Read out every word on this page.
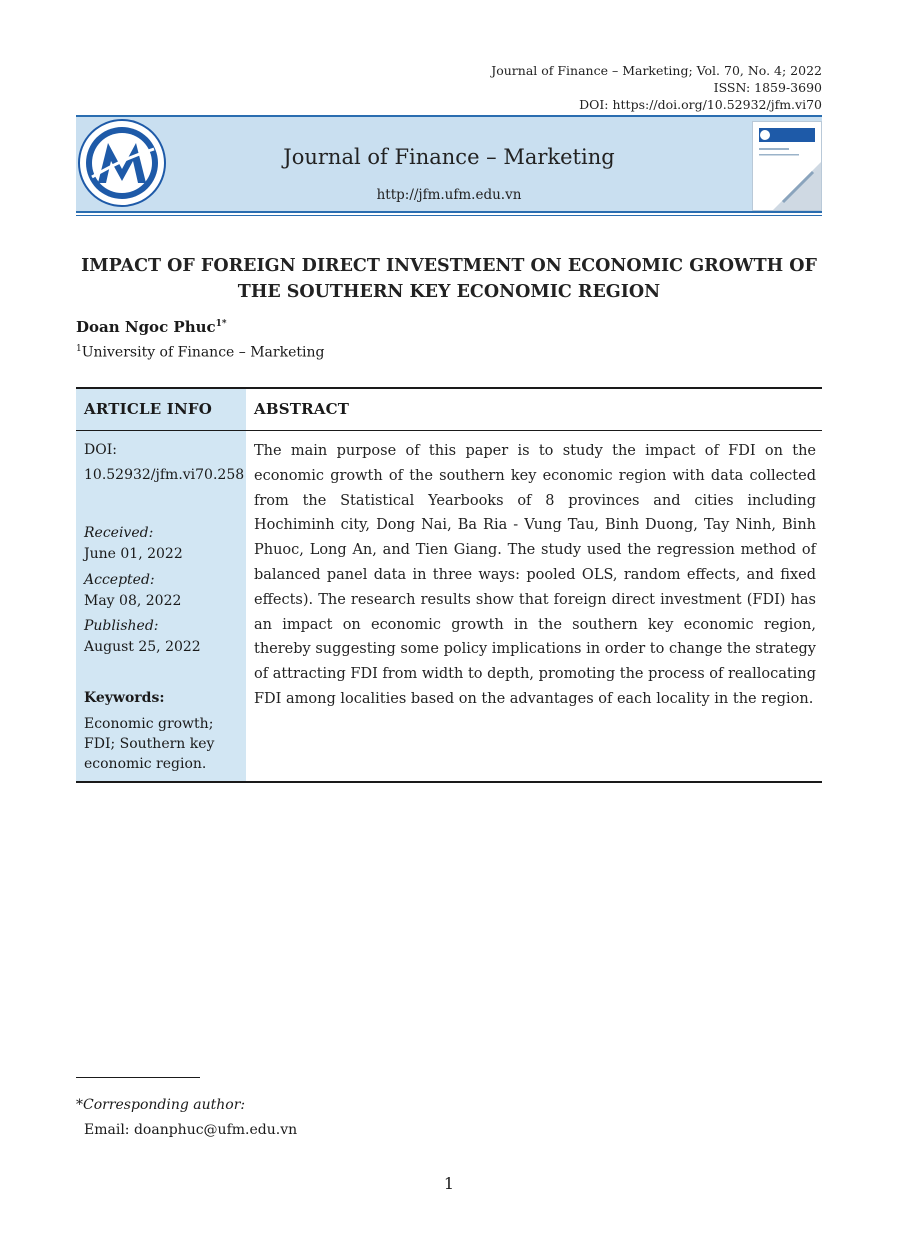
Journal of Finance – Marketing; Vol. 70, No. 4; 2022
ISSN: 1859-3690
DOI: https://doi.org/10.52932/jfm.vi70
Journal of Finance – Marketing
http://jfm.ufm.edu.vn
IMPACT OF FOREIGN DIRECT INVESTMENT ON ECONOMIC GROWTH OF
THE SOUTHERN KEY ECONOMIC REGION
Doan Ngoc Phuc$^{1*}$
$^1$University of Finance – Marketing
ARTICLE INFO	ABSTRACT
DOI:
10.52932/jfm.vi70.258
Received:
June 01, 2022
Accepted:
May 08, 2022
Published:
August 25, 2022
Keywords:
Economic growth;
FDI; Southern key
economic region.
The main purpose of this paper is to study the impact of FDI on the economic growth of the southern key economic region with data collected from the Statistical Yearbooks of 8 provinces and cities including Hochiminh city, Dong Nai, Ba Ria - Vung Tau, Binh Duong, Tay Ninh, Binh Phuoc, Long An, and Tien Giang. The study used the regression method of balanced panel data in three ways: pooled OLS, random effects, and fixed effects). The research results show that foreign direct investment (FDI) has an impact on economic growth in the southern key economic region, thereby suggesting some policy implications in order to change the strategy of attracting FDI from width to depth, promoting the process of reallocating FDI among localities based on the advantages of each locality in the region.
*Corresponding author:
Email: doanphuc@ufm.edu.vn
1
